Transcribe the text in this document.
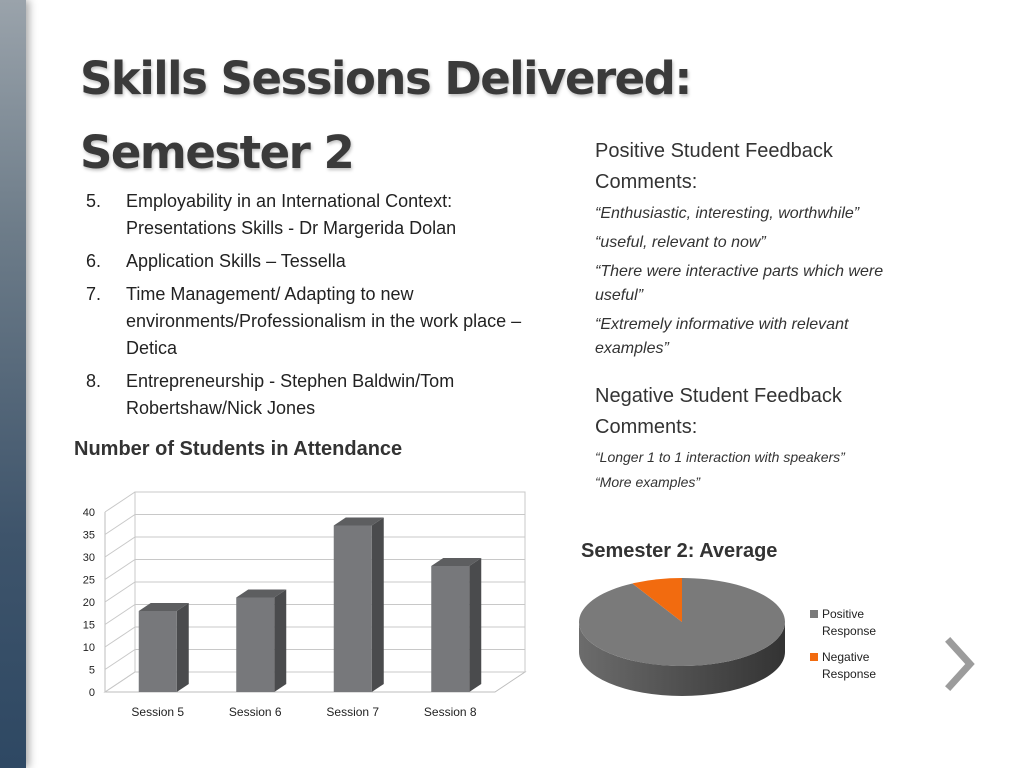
Skills Sessions Delivered:
Semester 2
5.	Employability in an International Context: Presentations Skills - Dr Margerida Dolan
6.	Application Skills – Tessella
7.	Time Management/ Adapting to new environments/Professionalism in the work place – Detica
8.	Entrepreneurship - Stephen Baldwin/Tom Robertshaw/Nick Jones
Number of Students in Attendance
0
5
10
15
20
25
30
35
40
Session 5	Session 6	Session 7	Session 8
Positive Student Feedback Comments:
“Enthusiastic, interesting, worthwhile”
“useful, relevant to now”
“There were interactive parts which were useful”
“Extremely informative with relevant examples”
Negative Student Feedback Comments:
“Longer 1 to 1 interaction with speakers”
“More examples”
Semester 2: Average
Positive Response
Negative Response
